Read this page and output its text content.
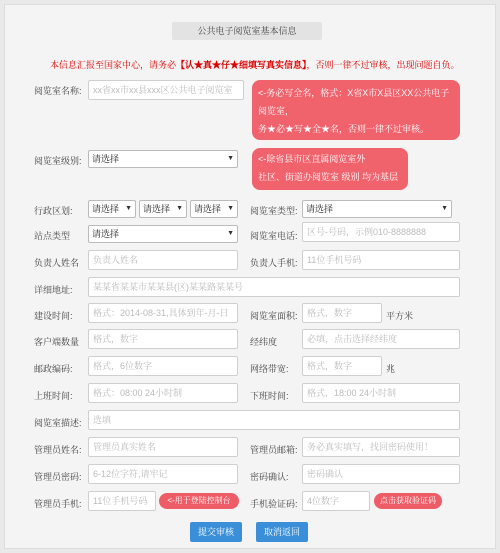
公共电子阅览室基本信息
本信息汇报至国家中心，请务必【认★真★仔★细填写真实信息】，否则一律不过审核，出现问题自负。
阅览室名称:	xx省xx市xx县xxx区公共电子阅览室	<-务必写全名，格式：X省X市X县区XX公共电子阅览室，
务★必★写★全★名，否则一律不过审核。
阅览室级别:	请选择	▼	<-除省县市区直属阅览室外
社区、街道办阅览室 级别 均为基层
行政区划:	请选择 ▼	请选择 ▼	请选择 ▼ 阅览室类型: 请选择	▼
站点类型	请选择	▼ 阅览室电话:	区号-号码，示例010-8888888
负责人姓名	负责人姓名	负责人手机:	11位手机号码
详细地址:	某某省某某市某某县(区)某某路某某号
建设时间:	格式：2014-08-31,具体到年-月-日	阅览室面积:	格式，数字	平方米
客户端数量	格式，数字	经纬度	必填，点击选择经纬度
邮政编码:	格式，6位数字	网络带宽:	格式，数字	兆
上班时间:	格式：08:00 24小时制	下班时间:	格式，18:00 24小时制
阅览室描述:	选填
管理员姓名:	管理员真实姓名	管理员邮箱:	务必真实填写，找回密码使用！
管理员密码:	6-12位字符,请牢记	密码确认:	密码确认
管理员手机:	11位手机号码	<-用于登陆控制台	手机验证码:	4位数字	点击获取验证码
提交审核	取消返回
